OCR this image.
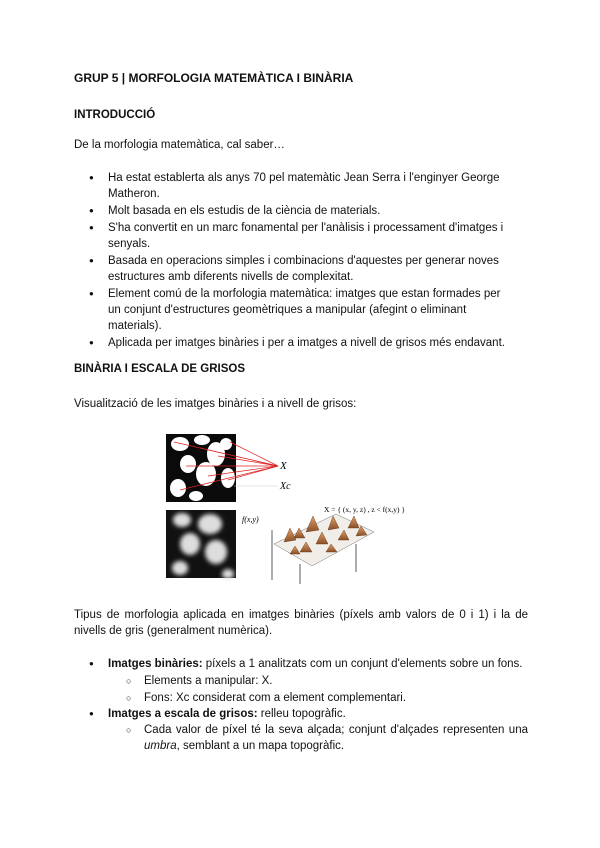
GRUP 5 | MORFOLOGIA MATEMÀTICA I BINÀRIA
INTRODUCCIÓ

De la morfologia matemàtica, cal saber…

● Ha estat establerta als anys 70 pel matemàtic Jean Serra i l'enginyer George Matheron.
● Molt basada en els estudis de la ciència de materials.
● S'ha convertit en un marc fonamental per l'anàlisis i processament d'imatges i senyals.
● Basada en operacions simples i combinacions d'aquestes per generar noves estructures amb diferents nivells de complexitat.
● Element comú de la morfologia matemàtica: imatges que estan formades per un conjunt d'estructures geomètriques a manipular (afegint o eliminant materials).
● Aplicada per imatges binàries i per a imatges a nivell de grisos més endavant.
BINÀRIA I ESCALA DE GRISOS

Visualització de les imatges binàries i a nivell de grisos:

Tipus de morfologia aplicada en imatges binàries (píxels amb valors de 0 i 1) i la de nivells de gris (generalment numèrica).

● Imatges binàries: píxels a 1 analitzats com un conjunt d'elements sobre un fons.
○ Elements a manipular: X.
○ Fons: Xc considerat com a element complementari.
● Imatges a escala de grisos: relleu topogràfic.
○ Cada valor de píxel té la seva alçada; conjunt d'alçades representen una umbra, semblant a un mapa topogràfic.
X
Xc
f(x,y)
X = { (x, y, z) , z < f(x,y) }
